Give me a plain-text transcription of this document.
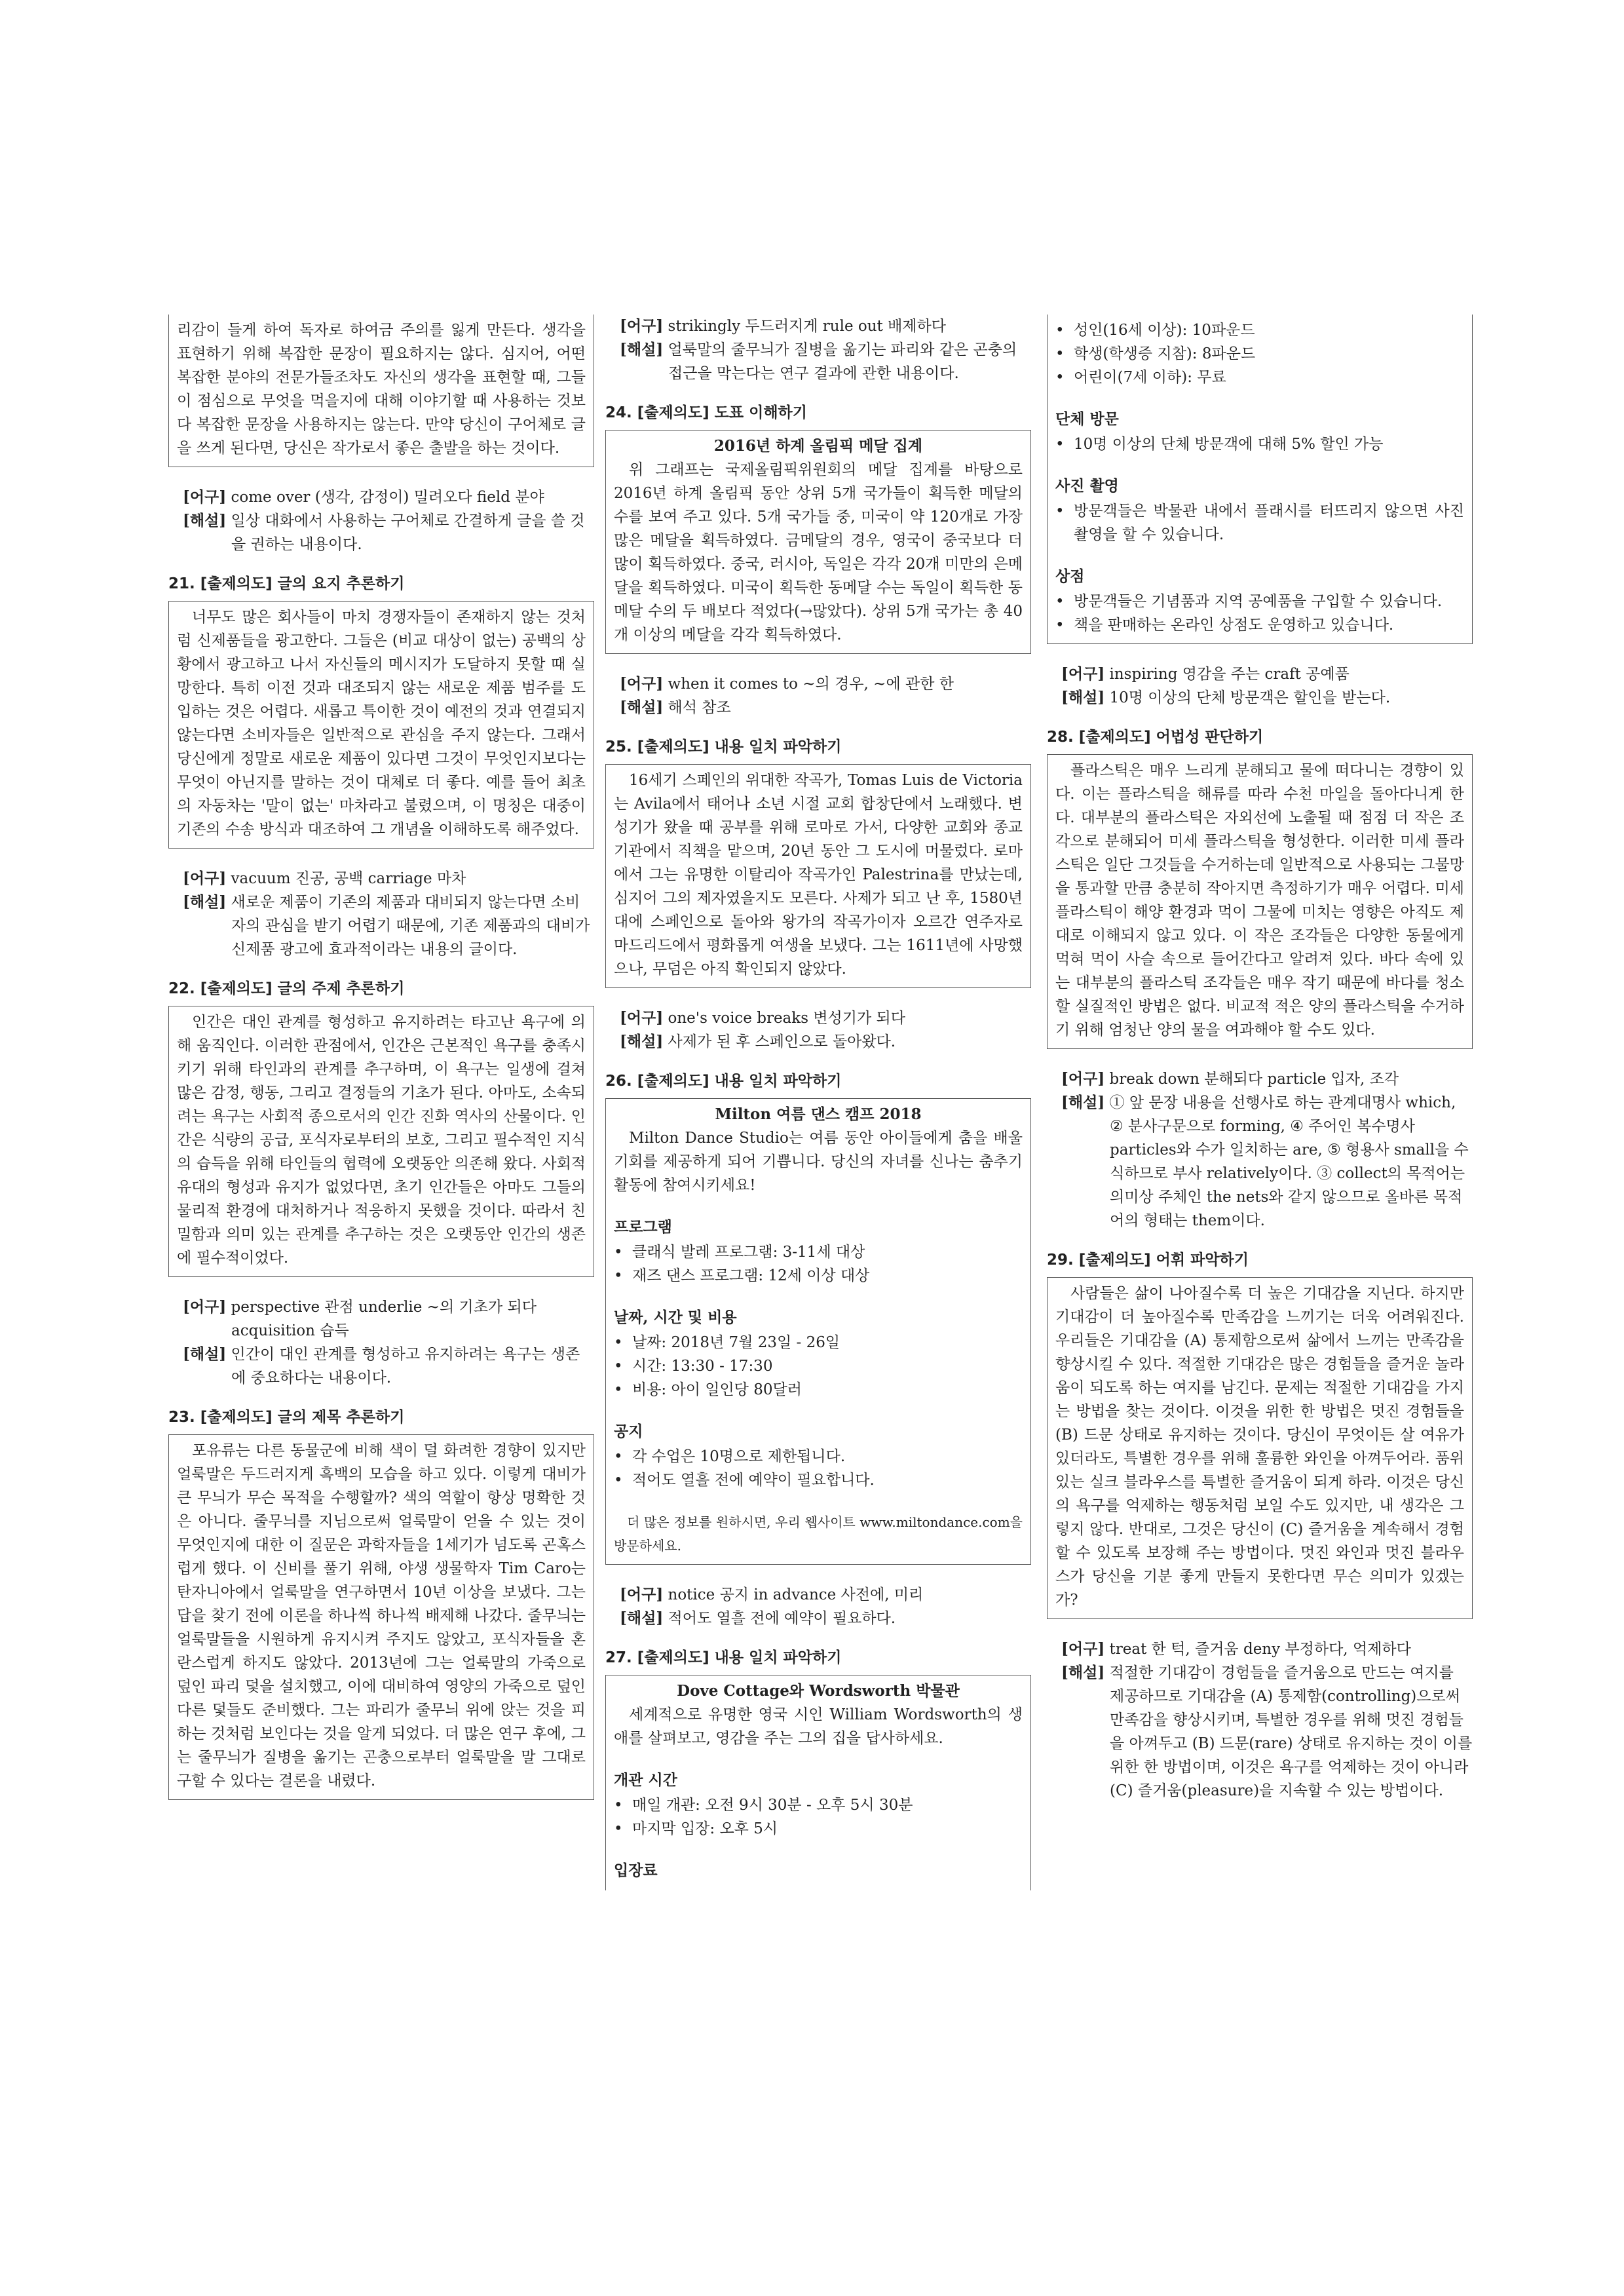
리감이 들게 하여 독자로 하여금 주의를 잃게 만든다. 생각을 표현하기 위해 복잡한 문장이 필요하지는 않다. 심지어, 어떤 복잡한 분야의 전문가들조차도 자신의 생각을 표현할 때, 그들이 점심으로 무엇을 먹을지에 대해 이야기할 때 사용하는 것보다 복잡한 문장을 사용하지는 않는다. 만약 당신이 구어체로 글을 쓰게 된다면, 당신은 작가로서 좋은 출발을 하는 것이다.

[어구] come over (생각, 감정이) 밀려오다 field 분야

[해설] 일상 대화에서 사용하는 구어체로 간결하게 글을 쓸 것을 권하는 내용이다.

21. [출제의도] 글의 요지 추론하기

너무도 많은 회사들이 마치 경쟁자들이 존재하지 않는 것처럼 신제품들을 광고한다. 그들은 (비교 대상이 없는) 공백의 상황에서 광고하고 나서 자신들의 메시지가 도달하지 못할 때 실망한다. 특히 이전 것과 대조되지 않는 새로운 제품 범주를 도입하는 것은 어렵다. 새롭고 특이한 것이 예전의 것과 연결되지 않는다면 소비자들은 일반적으로 관심을 주지 않는다. 그래서 당신에게 정말로 새로운 제품이 있다면 그것이 무엇인지보다는 무엇이 아닌지를 말하는 것이 대체로 더 좋다. 예를 들어 최초의 자동차는 '말이 없는' 마차라고 불렸으며, 이 명칭은 대중이 기존의 수송 방식과 대조하여 그 개념을 이해하도록 해주었다.

[어구] vacuum 진공, 공백 carriage 마차

[해설] 새로운 제품이 기존의 제품과 대비되지 않는다면 소비자의 관심을 받기 어렵기 때문에, 기존 제품과의 대비가 신제품 광고에 효과적이라는 내용의 글이다.

22. [출제의도] 글의 주제 추론하기

인간은 대인 관계를 형성하고 유지하려는 타고난 욕구에 의해 움직인다. 이러한 관점에서, 인간은 근본적인 욕구를 충족시키기 위해 타인과의 관계를 추구하며, 이 욕구는 일생에 걸쳐 많은 감정, 행동, 그리고 결정들의 기초가 된다. 아마도, 소속되려는 욕구는 사회적 종으로서의 인간 진화 역사의 산물이다. 인간은 식량의 공급, 포식자로부터의 보호, 그리고 필수적인 지식의 습득을 위해 타인들의 협력에 오랫동안 의존해 왔다. 사회적 유대의 형성과 유지가 없었다면, 초기 인간들은 아마도 그들의 물리적 환경에 대처하거나 적응하지 못했을 것이다. 따라서 친밀함과 의미 있는 관계를 추구하는 것은 오랫동안 인간의 생존에 필수적이었다.

[어구] perspective 관점 underlie ~의 기초가 되다 acquisition 습득

[해설] 인간이 대인 관계를 형성하고 유지하려는 욕구는 생존에 중요하다는 내용이다.

23. [출제의도] 글의 제목 추론하기

포유류는 다른 동물군에 비해 색이 덜 화려한 경향이 있지만 얼룩말은 두드러지게 흑백의 모습을 하고 있다. 이렇게 대비가 큰 무늬가 무슨 목적을 수행할까? 색의 역할이 항상 명확한 것은 아니다. 줄무늬를 지님으로써 얼룩말이 얻을 수 있는 것이 무엇인지에 대한 이 질문은 과학자들을 1세기가 넘도록 곤혹스럽게 했다. 이 신비를 풀기 위해, 야생 생물학자 Tim Caro는 탄자니아에서 얼룩말을 연구하면서 10년 이상을 보냈다. 그는 답을 찾기 전에 이론을 하나씩 하나씩 배제해 나갔다. 줄무늬는 얼룩말들을 시원하게 유지시켜 주지도 않았고, 포식자들을 혼란스럽게 하지도 않았다. 2013년에 그는 얼룩말의 가죽으로 덮인 파리 덫을 설치했고, 이에 대비하여 영양의 가죽으로 덮인 다른 덫들도 준비했다. 그는 파리가 줄무늬 위에 앉는 것을 피하는 것처럼 보인다는 것을 알게 되었다. 더 많은 연구 후에, 그는 줄무늬가 질병을 옮기는 곤충으로부터 얼룩말을 말 그대로 구할 수 있다는 결론을 내렸다.

[어구] strikingly 두드러지게 rule out 배제하다

[해설] 얼룩말의 줄무늬가 질병을 옮기는 파리와 같은 곤충의 접근을 막는다는 연구 결과에 관한 내용이다.

24. [출제의도] 도표 이해하기
2016년 하계 올림픽 메달 집계

위 그래프는 국제올림픽위원회의 메달 집계를 바탕으로 2016년 하계 올림픽 동안 상위 5개 국가들이 획득한 메달의 수를 보여 주고 있다. 5개 국가들 중, 미국이 약 120개로 가장 많은 메달을 획득하였다. 금메달의 경우, 영국이 중국보다 더 많이 획득하였다. 중국, 러시아, 독일은 각각 20개 미만의 은메달을 획득하였다. 미국이 획득한 동메달 수는 독일이 획득한 동메달 수의 두 배보다 적었다(→많았다). 상위 5개 국가는 총 40개 이상의 메달을 각각 획득하였다.

[어구] when it comes to ~의 경우, ~에 관한 한

[해설] 해석 참조

25. [출제의도] 내용 일치 파악하기

16세기 스페인의 위대한 작곡가, Tomas Luis de Victoria는 Avila에서 태어나 소년 시절 교회 합창단에서 노래했다. 변성기가 왔을 때 공부를 위해 로마로 가서, 다양한 교회와 종교 기관에서 직책을 맡으며, 20년 동안 그 도시에 머물렀다. 로마에서 그는 유명한 이탈리아 작곡가인 Palestrina를 만났는데, 심지어 그의 제자였을지도 모른다. 사제가 되고 난 후, 1580년대에 스페인으로 돌아와 왕가의 작곡가이자 오르간 연주자로 마드리드에서 평화롭게 여생을 보냈다. 그는 1611년에 사망했으나, 무덤은 아직 확인되지 않았다.

[어구] one's voice breaks 변성기가 되다

[해설] 사제가 된 후 스페인으로 돌아왔다.

26. [출제의도] 내용 일치 파악하기
Milton 여름 댄스 캠프 2018

Milton Dance Studio는 여름 동안 아이들에게 춤을 배울 기회를 제공하게 되어 기쁩니다. 당신의 자녀를 신나는 춤추기 활동에 참여시키세요!

프로그램
• 클래식 발레 프로그램: 3-11세 대상
• 재즈 댄스 프로그램: 12세 이상 대상
날짜, 시간 및 비용
• 날짜: 2018년 7월 23일 - 26일
• 시간: 13:30 - 17:30
• 비용: 아이 일인당 80달러
공지
• 각 수업은 10명으로 제한됩니다.
• 적어도 열흘 전에 예약이 필요합니다.

더 많은 정보를 원하시면, 우리 웹사이트 www.miltondance.com을 방문하세요.

[어구] notice 공지 in advance 사전에, 미리

[해설] 적어도 열흘 전에 예약이 필요하다.

27. [출제의도] 내용 일치 파악하기
Dove Cottage와 Wordsworth 박물관

세계적으로 유명한 영국 시인 William Wordsworth의 생애를 살펴보고, 영감을 주는 그의 집을 답사하세요.

개관 시간
• 매일 개관: 오전 9시 30분 - 오후 5시 30분
• 마지막 입장: 오후 5시
입장료
• 성인(16세 이상): 10파운드
• 학생(학생증 지참): 8파운드
• 어린이(7세 이하): 무료
단체 방문
• 10명 이상의 단체 방문객에 대해 5% 할인 가능
사진 촬영
• 방문객들은 박물관 내에서 플래시를 터뜨리지 않으면 사진 촬영을 할 수 있습니다.
상점
• 방문객들은 기념품과 지역 공예품을 구입할 수 있습니다.
• 책을 판매하는 온라인 상점도 운영하고 있습니다.

[어구] inspiring 영감을 주는 craft 공예품

[해설] 10명 이상의 단체 방문객은 할인을 받는다.

28. [출제의도] 어법성 판단하기

플라스틱은 매우 느리게 분해되고 물에 떠다니는 경향이 있다. 이는 플라스틱을 해류를 따라 수천 마일을 돌아다니게 한다. 대부분의 플라스틱은 자외선에 노출될 때 점점 더 작은 조각으로 분해되어 미세 플라스틱을 형성한다. 이러한 미세 플라스틱은 일단 그것들을 수거하는데 일반적으로 사용되는 그물망을 통과할 만큼 충분히 작아지면 측정하기가 매우 어렵다. 미세 플라스틱이 해양 환경과 먹이 그물에 미치는 영향은 아직도 제대로 이해되지 않고 있다. 이 작은 조각들은 다양한 동물에게 먹혀 먹이 사슬 속으로 들어간다고 알려져 있다. 바다 속에 있는 대부분의 플라스틱 조각들은 매우 작기 때문에 바다를 청소할 실질적인 방법은 없다. 비교적 적은 양의 플라스틱을 수거하기 위해 엄청난 양의 물을 여과해야 할 수도 있다.

[어구] break down 분해되다 particle 입자, 조각

[해설] ① 앞 문장 내용을 선행사로 하는 관계대명사 which, ② 분사구문으로 forming, ④ 주어인 복수명사 particles와 수가 일치하는 are, ⑤ 형용사 small을 수식하므로 부사 relatively이다. ③ collect의 목적어는 의미상 주체인 the nets와 같지 않으므로 올바른 목적어의 형태는 them이다.

29. [출제의도] 어휘 파악하기

사람들은 삶이 나아질수록 더 높은 기대감을 지닌다. 하지만 기대감이 더 높아질수록 만족감을 느끼기는 더욱 어려워진다. 우리들은 기대감을 (A) 통제함으로써 삶에서 느끼는 만족감을 향상시킬 수 있다. 적절한 기대감은 많은 경험들을 즐거운 놀라움이 되도록 하는 여지를 남긴다. 문제는 적절한 기대감을 가지는 방법을 찾는 것이다. 이것을 위한 한 방법은 멋진 경험들을 (B) 드문 상태로 유지하는 것이다. 당신이 무엇이든 살 여유가 있더라도, 특별한 경우를 위해 훌륭한 와인을 아껴두어라. 품위 있는 실크 블라우스를 특별한 즐거움이 되게 하라. 이것은 당신의 욕구를 억제하는 행동처럼 보일 수도 있지만, 내 생각은 그렇지 않다. 반대로, 그것은 당신이 (C) 즐거움을 계속해서 경험할 수 있도록 보장해 주는 방법이다. 멋진 와인과 멋진 블라우스가 당신을 기분 좋게 만들지 못한다면 무슨 의미가 있겠는가?

[어구] treat 한 턱, 즐거움 deny 부정하다, 억제하다

[해설] 적절한 기대감이 경험들을 즐거움으로 만드는 여지를 제공하므로 기대감을 (A) 통제함(controlling)으로써 만족감을 향상시키며, 특별한 경우를 위해 멋진 경험들을 아껴두고 (B) 드문(rare) 상태로 유지하는 것이 이를 위한 한 방법이며, 이것은 욕구를 억제하는 것이 아니라 (C) 즐거움(pleasure)을 지속할 수 있는 방법이다.
